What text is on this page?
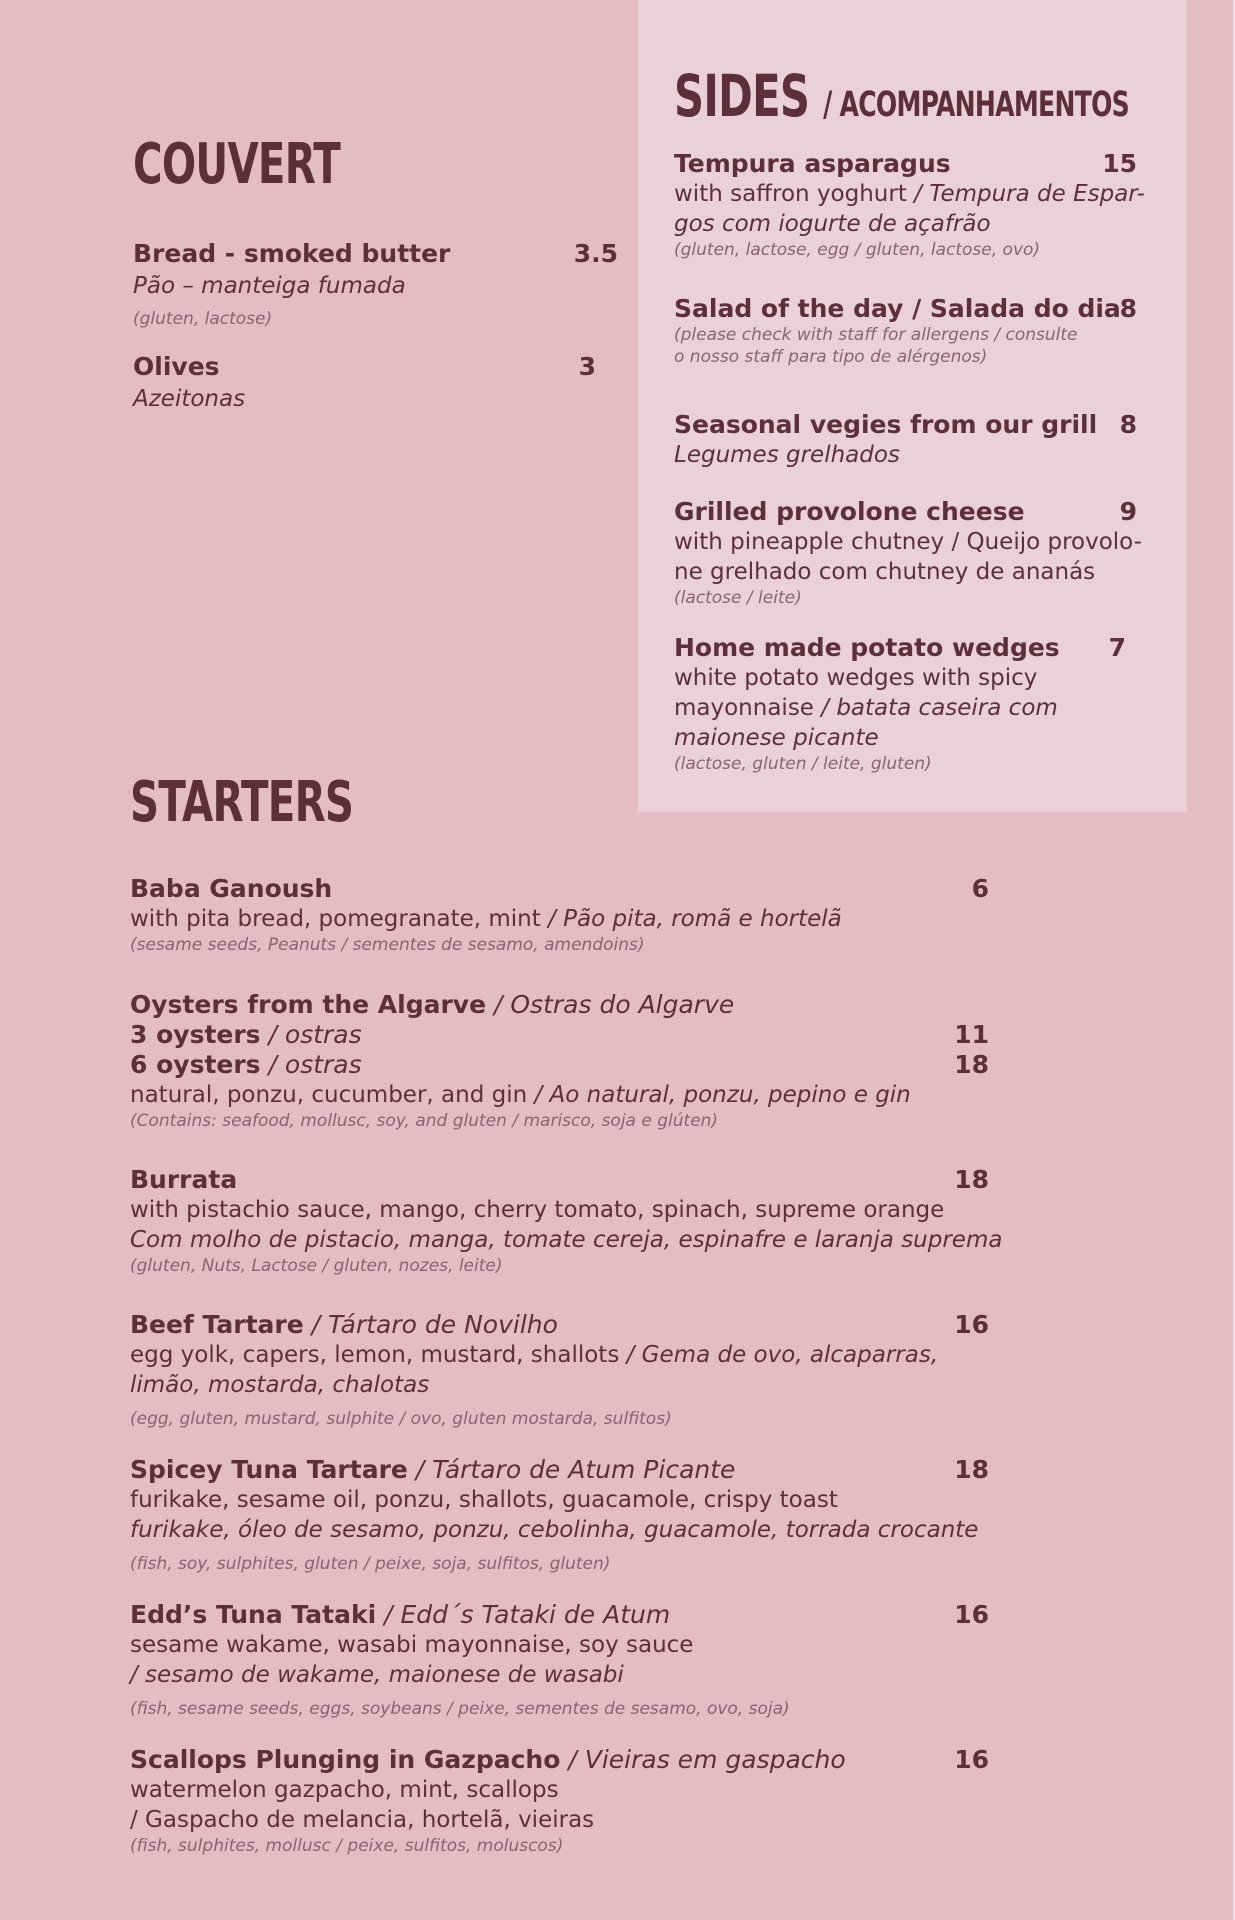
COUVERT

Bread - smoked butter

Pão – manteiga fumada

(gluten, lactose)

3.5

Olives

Azeitonas

3
SIDES / ACOMPANHAMENTOS

Tempura asparagus

with saffron yoghurt / Tempura de Espar-

gos com iogurte de açafrão

(gluten, lactose, egg / gluten, lactose, ovo)

15

Salad of the day / Salada do dia

(please check with staff for allergens / consulte

o nosso staff para tipo de alérgenos)

8

Seasonal vegies from our grill

Legumes grelhados

8

Grilled provolone cheese

with pineapple chutney / Queijo provolo-

ne grelhado com chutney de ananás

(lactose / leite)

9

Home made potato wedges

white potato wedges with spicy

mayonnaise / batata caseira com

maionese picante

(lactose, gluten / leite, gluten)

7
STARTERS

Baba Ganoush

with pita bread, pomegranate, mint / Pão pita, romã e hortelã

(sesame seeds, Peanuts / sementes de sesamo, amendoins)

6

Oysters from the Algarve / Ostras do Algarve

3 oysters / ostras

6 oysters / ostras

natural, ponzu, cucumber, and gin / Ao natural, ponzu, pepino e gin

(Contains: seafood, mollusc, soy, and gluten / marisco, soja e glúten)

11
18

Burrata

with pistachio sauce, mango, cherry tomato, spinach, supreme orange

Com molho de pistacio, manga, tomate cereja, espinafre e laranja suprema

(gluten, Nuts, Lactose / gluten, nozes, leite)

18

Beef Tartare / Tártaro de Novilho

egg yolk, capers, lemon, mustard, shallots / Gema de ovo, alcaparras,

limão, mostarda, chalotas

(egg, gluten, mustard, sulphite / ovo, gluten mostarda, sulfitos)

16

Spicey Tuna Tartare / Tártaro de Atum Picante

furikake, sesame oil, ponzu, shallots, guacamole, crispy toast

furikake, óleo de sesamo, ponzu, cebolinha, guacamole, torrada crocante

(fish, soy, sulphites, gluten / peixe, soja, sulfitos, gluten)

18

Edd’s Tuna Tataki / Edd´s Tataki de Atum

sesame wakame, wasabi mayonnaise, soy sauce

/ sesamo de wakame, maionese de wasabi

(fish, sesame seeds, eggs, soybeans / peixe, sementes de sesamo, ovo, soja)

16

Scallops Plunging in Gazpacho / Vieiras em gaspacho

watermelon gazpacho, mint, scallops

/ Gaspacho de melancia, hortelã, vieiras

(fish, sulphites, mollusc / peixe, sulfitos, moluscos)

16
